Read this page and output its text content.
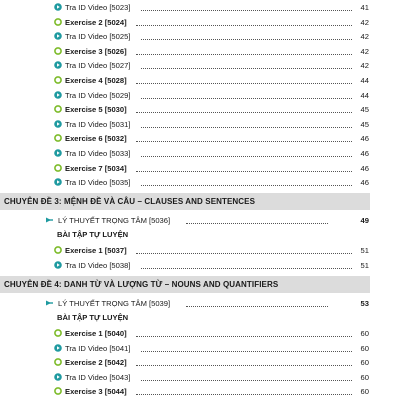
Tra ID Video [5023]	41
Exercise 2 [5024]	42
Tra ID Video [5025]	42
Exercise 3 [5026]	42
Tra ID Video [5027]	42
Exercise 4 [5028]	44
Tra ID Video [5029]	44
Exercise 5 [5030]	45
Tra ID Video [5031]	45
Exercise 6 [5032]	46
Tra ID Video [5033]	46
Exercise 7 [5034]	46
Tra ID Video [5035]	46
CHUYÊN ĐỀ 3: MỆNH ĐỀ VÀ CÂU – CLAUSES AND SENTENCES
LÝ THUYẾT TRỌNG TÂM [5036]	49
BÀI TẬP TỰ LUYỆN
Exercise 1 [5037]	51
Tra ID Video [5038]	51
CHUYÊN ĐỀ 4: DANH TỪ VÀ LƯỢNG TỪ – NOUNS AND QUANTIFIERS
LÝ THUYẾT TRỌNG TÂM [5039]	53
BÀI TẬP TỰ LUYỆN
Exercise 1 [5040]	60
Tra ID Video [5041]	60
Exercise 2 [5042]	60
Tra ID Video [5043]	60
Exercise 3 [5044]	60
